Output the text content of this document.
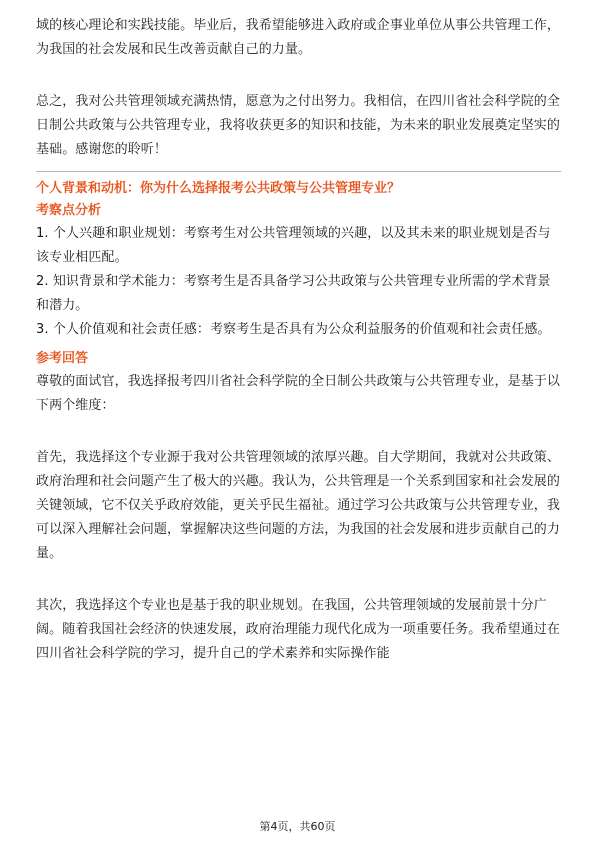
域的核心理论和实践技能。毕业后，我希望能够进入政府或企事业单位从事公共管理工作，为我国的社会发展和民生改善贡献自己的力量。

总之，我对公共管理领域充满热情，愿意为之付出努力。我相信，在四川省社会科学院的全日制公共政策与公共管理专业，我将收获更多的知识和技能，为未来的职业发展奠定坚实的基础。感谢您的聆听！

个人背景和动机：你为什么选择报考公共政策与公共管理专业？
考察点分析

1. 个人兴趣和职业规划：考察考生对公共管理领域的兴趣，以及其未来的职业规划是否与该专业相匹配。

2. 知识背景和学术能力：考察考生是否具备学习公共政策与公共管理专业所需的学术背景和潜力。

3. 个人价值观和社会责任感：考察考生是否具有为公众利益服务的价值观和社会责任感。

参考回答

尊敬的面试官，我选择报考四川省社会科学院的全日制公共政策与公共管理专业，是基于以下两个维度：

首先，我选择这个专业源于我对公共管理领域的浓厚兴趣。自大学期间，我就对公共政策、政府治理和社会问题产生了极大的兴趣。我认为，公共管理是一个关系到国家和社会发展的关键领域，它不仅关乎政府效能，更关乎民生福祉。通过学习公共政策与公共管理专业，我可以深入理解社会问题，掌握解决这些问题的方法，为我国的社会发展和进步贡献自己的力量。

其次，我选择这个专业也是基于我的职业规划。在我国，公共管理领域的发展前景十分广阔。随着我国社会经济的快速发展，政府治理能力现代化成为一项重要任务。我希望通过在四川省社会科学院的学习，提升自己的学术素养和实际操作能

第4页，共60页
